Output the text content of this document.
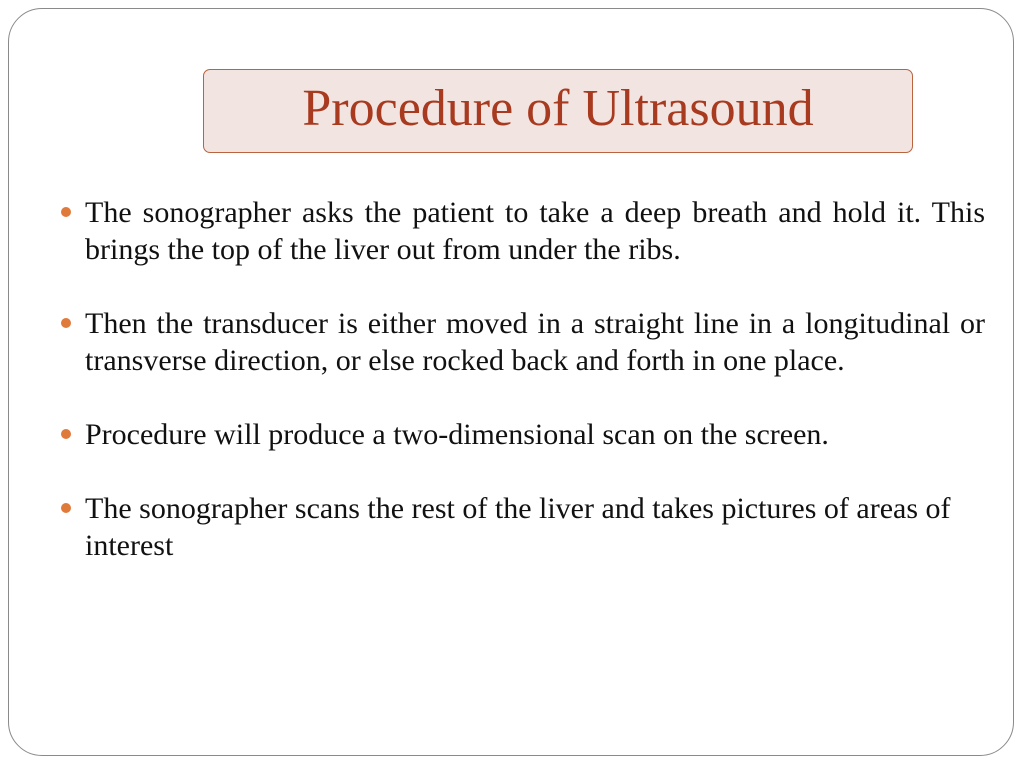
Procedure of Ultrasound
The sonographer asks the patient to take a deep breath and hold it. This brings the top of the liver out from under the ribs.
Then the transducer is either moved in a straight line in a longitudinal or transverse direction, or else rocked back and forth in one place.
Procedure will produce a two-dimensional scan on the screen.
The sonographer scans the rest of the liver and takes pictures of areas of interest
